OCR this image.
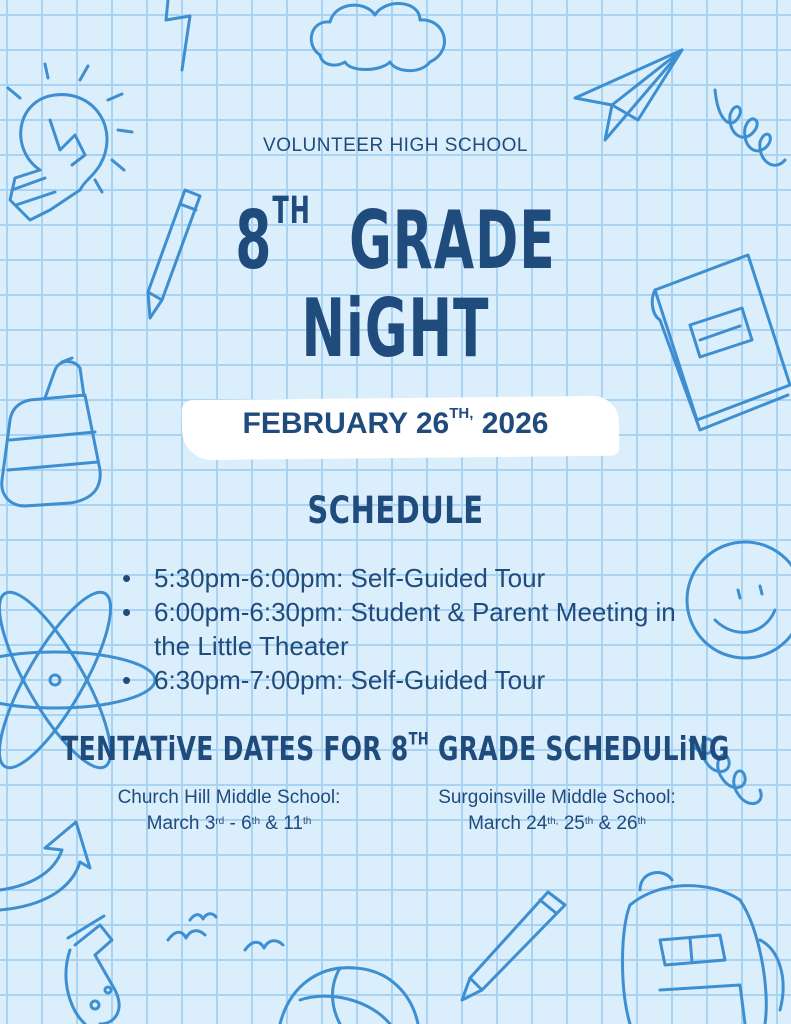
VOLUNTEER HIGH SCHOOL
8TH GRADE
NiGHT
FEBRUARY $26^{TH,}$ 2026
SCHEDULE
• 5:30pm-6:00pm: Self-Guided Tour
• 6:00pm-6:30pm: Student & Parent Meeting in the Little Theater
• 6:30pm-7:00pm: Self-Guided Tour
TENTATiVE DATES FOR 8TH GRADE SCHEDULiNG
Church Hill Middle School:
March 3rd - 6th & 11th
Surgoinsville Middle School:
March $24^{th,}$ 25th & 26th
